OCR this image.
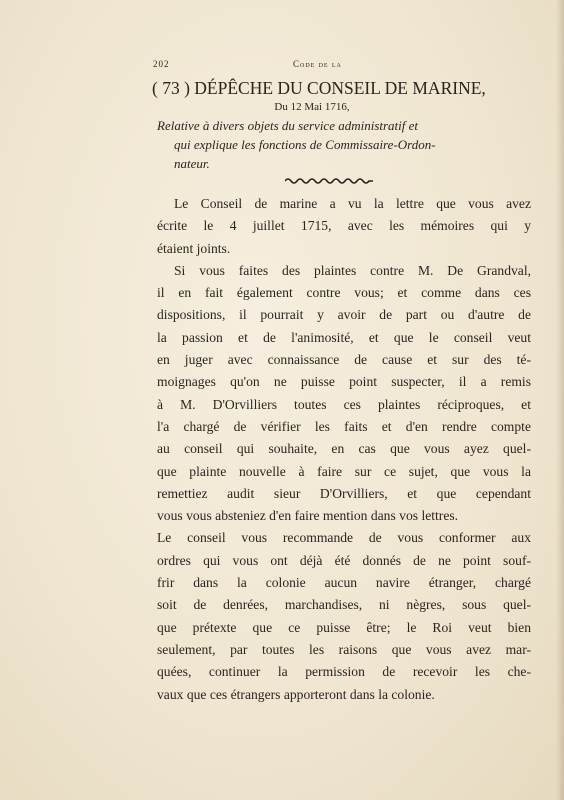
202	Code de la
( 73 ) DÉPÊCHE DU CONSEIL DE MARINE,
Du 12 Mai 1716,
Relative à divers objets du service administratif et
qui explique les fonctions de Commissaire-Ordon-
nateur.
Le Conseil de marine a vu la lettre que vous avez
écrite le 4 juillet 1715, avec les mémoires qui y
étaient joints.
Si vous faites des plaintes contre M. De Grandval,
il en fait également contre vous; et comme dans ces
dispositions, il pourrait y avoir de part ou d'autre de
la passion et de l'animosité, et que le conseil veut
en juger avec connaissance de cause et sur des té-
moignages qu'on ne puisse point suspecter, il a remis
à M. D'Orvilliers toutes ces plaintes réciproques, et
l'a chargé de vérifier les faits et d'en rendre compte
au conseil qui souhaite, en cas que vous ayez quel-
que plainte nouvelle à faire sur ce sujet, que vous la
remettiez audit sieur D'Orvilliers, et que cependant
vous vous absteniez d'en faire mention dans vos lettres.
Le conseil vous recommande de vous conformer aux
ordres qui vous ont déjà été donnés de ne point souf-
frir dans la colonie aucun navire étranger, chargé
soit de denrées, marchandises, ni nègres, sous quel-
que prétexte que ce puisse être; le Roi veut bien
seulement, par toutes les raisons que vous avez mar-
quées, continuer la permission de recevoir les che-
vaux que ces étrangers apporteront dans la colonie.
